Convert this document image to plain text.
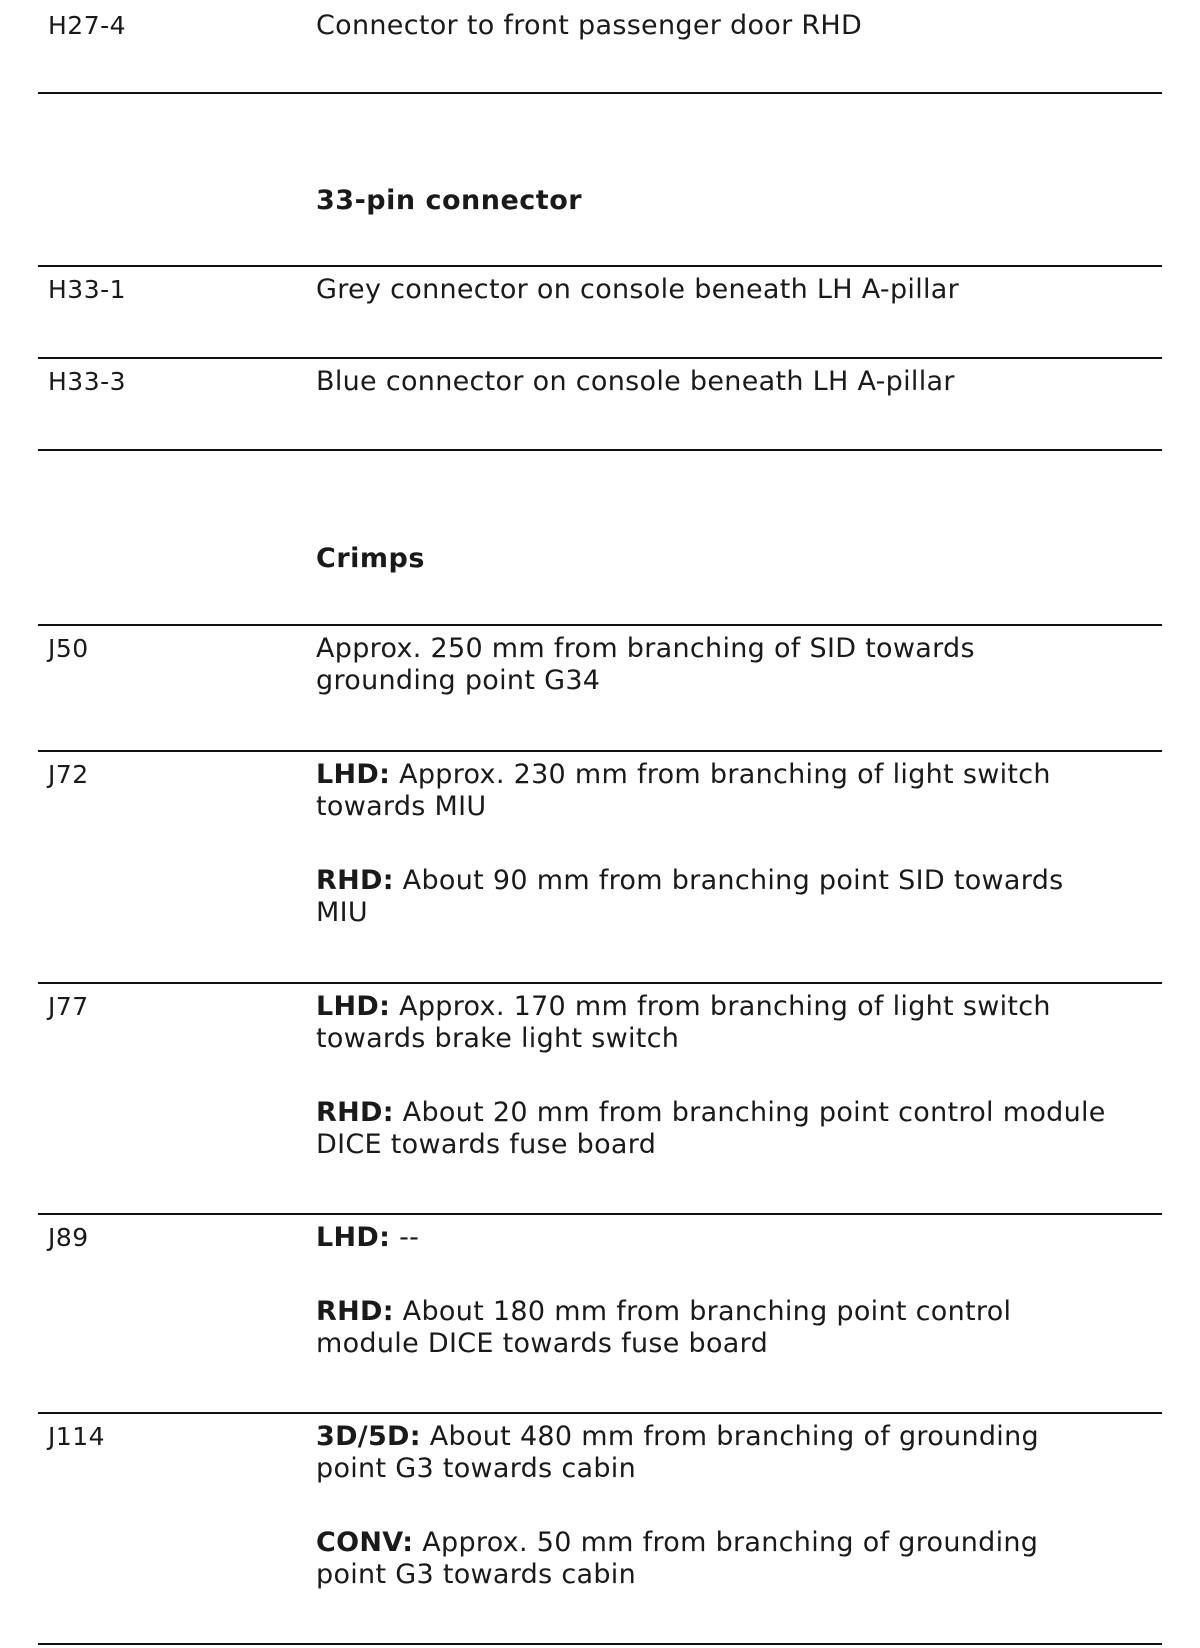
H27-4	Connector to front passenger door RHD
33-pin connector
H33-1	Grey connector on console beneath LH A-pillar
H33-3	Blue connector on console beneath LH A-pillar
Crimps
J50	Approx. 250 mm from branching of SID towards
grounding point G34

J72	LHD: Approx. 230 mm from branching of light switch
towards MIU

RHD: About 90 mm from branching point SID towards
MIU

J77	LHD: Approx. 170 mm from branching of light switch
towards brake light switch

RHD: About 20 mm from branching point control module
DICE towards fuse board

J89	LHD: --

RHD: About 180 mm from branching point control
module DICE towards fuse board

J114	3D/5D: About 480 mm from branching of grounding
point G3 towards cabin

CONV: Approx. 50 mm from branching of grounding
point G3 towards cabin
